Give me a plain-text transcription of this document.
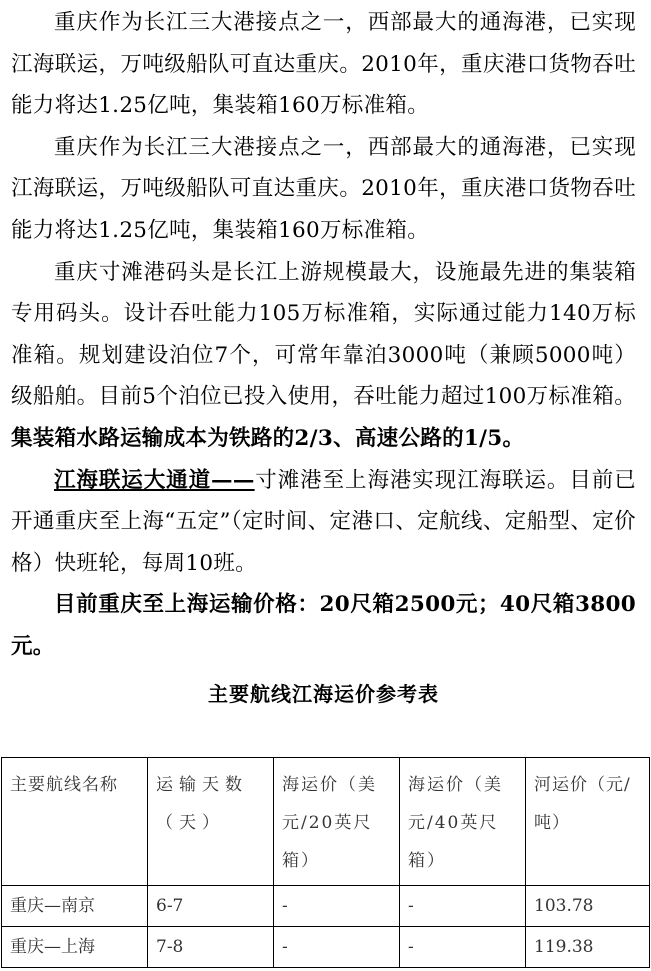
重庆作为长江三大港接点之一，西部最大的通海港，已实现江海联运，万吨级船队可直达重庆。2010年，重庆港口货物吞吐能力将达1.25亿吨，集装箱160万标准箱。

重庆作为长江三大港接点之一，西部最大的通海港，已实现江海联运，万吨级船队可直达重庆。2010年，重庆港口货物吞吐能力将达1.25亿吨，集装箱160万标准箱。

重庆寸滩港码头是长江上游规模最大，设施最先进的集装箱专用码头。设计吞吐能力105万标准箱，实际通过能力140万标准箱。规划建设泊位7个，可常年靠泊3000吨（兼顾5000吨）级船舶。目前5个泊位已投入使用，吞吐能力超过100万标准箱。集装箱水路运输成本为铁路的2/3、高速公路的1/5。

江海联运大通道——寸滩港至上海港实现江海联运。目前已开通重庆至上海“五定”（定时间、定港口、定航线、定船型、定价格）快班轮，每周10班。

目前重庆至上海运输价格：20尺箱2500元；40尺箱3800元。

主要航线江海运价参考表
主要航线名称	运输天数（天）	海运价（美元/20英尺箱）	海运价（美元/40英尺箱）	河运价（元/吨）
重庆—南京	6-7	-	-	103.78
重庆—上海	7-8	-	-	119.38
